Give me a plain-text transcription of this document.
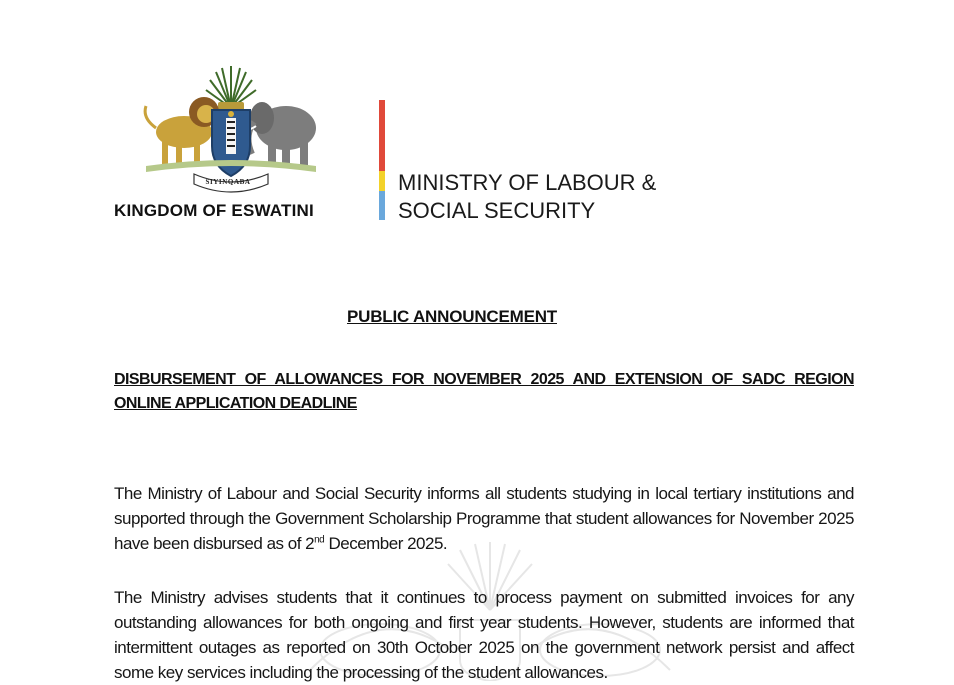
SIYINQABA
KINGDOM OF ESWATINI
MINISTRY OF LABOUR &
SOCIAL SECURITY
PUBLIC ANNOUNCEMENT
DISBURSEMENT OF ALLOWANCES FOR NOVEMBER 2025 AND EXTENSION OF SADC REGION ONLINE APPLICATION DEADLINE
The Ministry of Labour and Social Security informs all students studying in local tertiary institutions and supported through the Government Scholarship Programme that student allowances for November 2025 have been disbursed as of 2nd December 2025.
The Ministry advises students that it continues to process payment on submitted invoices for any outstanding allowances for both ongoing and first year students. However, students are informed that intermittent outages as reported on 30th October 2025 on the government network persist and affect some key services including the processing of the student allowances.
